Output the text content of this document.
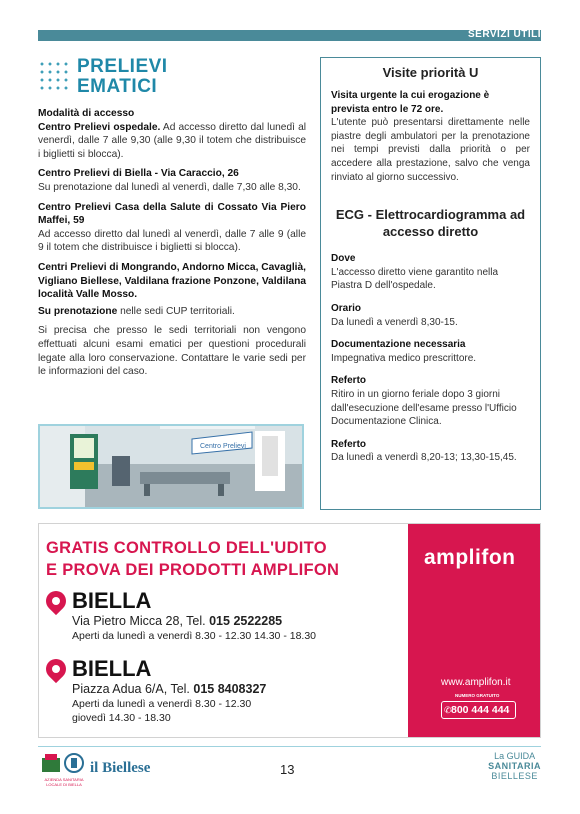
SERVIZI UTILI
PRELIEVI
EMATICI

Modalità di accesso

Centro Prelievi ospedale. Ad accesso diretto dal lunedì al venerdì, dalle 7 alle 9,30 (alle 9,30 il totem che distribuisce i biglietti si blocca).

Centro Prelievi di Biella - Via Caraccio, 26
Su prenotazione dal lunedì al venerdì, dalle 7,30 alle 8,30.

Centro Prelievi Casa della Salute di Cossato Via Piero Maffei, 59
Ad accesso diretto dal lunedì al venerdì, dalle 7 alle 9 (alle 9 il totem che distribuisce i biglietti si blocca).

Centri Prelievi di Mongrando, Andorno Micca, Cavaglià, Vigliano Biellese, Valdilana frazione Ponzone, Valdilana località Valle Mosso.

Su prenotazione nelle sedi CUP territoriali.

Si precisa che presso le sedi territoriali non vengono effettuati alcuni esami ematici per questioni procedurali legate alla loro conservazione. Contattare le varie sedi per le informazioni del caso.

Centro Prelievi
Visite priorità U

Visita urgente la cui erogazione è prevista entro le 72 ore.

L'utente può presentarsi direttamente nelle piastre degli ambulatori per la prenotazione nei tempi previsti dalla priorità o per accedere alla prestazione, salvo che venga rinviato al giorno successivo.

ECG - Elettrocardiogramma ad accesso diretto

Dove

L'accesso diretto viene garantito nella Piastra D dell'ospedale.

Orario

Da lunedì a venerdì 8,30-15.

Documentazione necessaria

Impegnativa medico prescrittore.

Referto

Ritiro in un giorno feriale dopo 3 giorni dall'esecuzione dell'esame presso l'Ufficio Documentazione Clinica.

Referto

Da lunedì a venerdì 8,20-13; 13,30-15,45.

GRATIS CONTROLLO DELL'UDITO
E PROVA DEI PRODOTTI AMPLIFON
BIELLA
Via Pietro Micca 28, Tel. 015 2522285
Aperti da lunedì a venerdì 8.30 - 12.30 14.30 - 18.30
BIELLA
Piazza Adua 6/A, Tel. 015 8408327
Aperti da lunedì a venerdì 8.30 - 12.30
giovedì 14.30 - 18.30
amplifon
www.amplifon.it
NUMERO GRATUITO
✆ 800 444 444
AZIENDA SANITARIA LOCALE DI BIELLA
il Biellese	13
La GUIDA
SANITARIA
BIELLESE
